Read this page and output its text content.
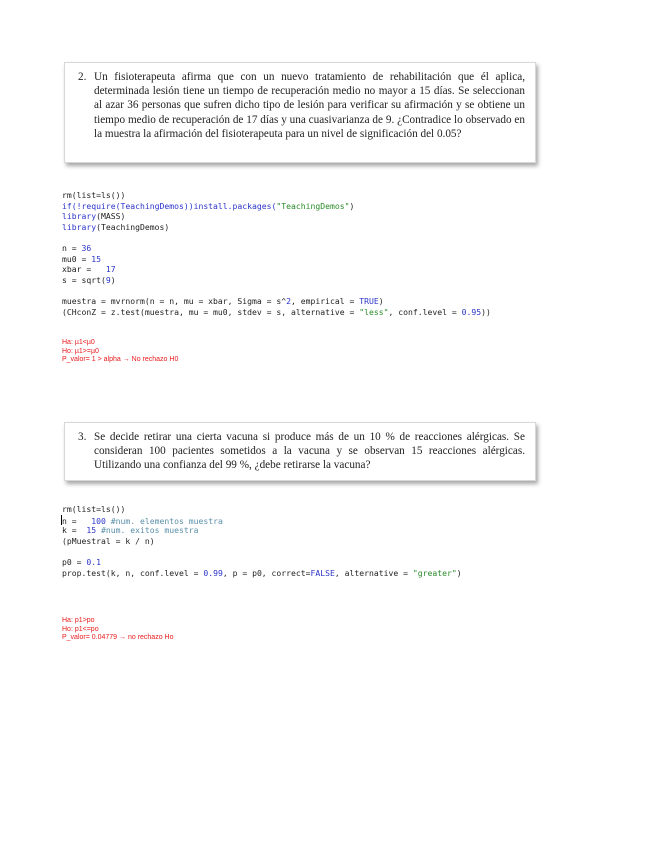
2. Un fisioterapeuta afirma que con un nuevo tratamiento de rehabilitación que él aplica, determinada lesión tiene un tiempo de recuperación medio no mayor a 15 días. Se seleccionan al azar 36 personas que sufren dicho tipo de lesión para verificar su afirmación y se obtiene un tiempo medio de recuperación de 17 días y una cuasivarianza de 9. ¿Contradice lo observado en la muestra la afirmación del fisioterapeuta para un nivel de significación del 0.05?
rm(list=ls())
if(!require(TeachingDemos))install.packages("TeachingDemos")
library(MASS)
library(TeachingDemos)

n = 36
mu0 = 15
xbar =   17
s = sqrt(9)

muestra = mvrnorm(n = n, mu = xbar, Sigma = s^2, empirical = TRUE)
(CHconZ = z.test(muestra, mu = mu0, stdev = s, alternative = "less", conf.level = 0.95))
Ha: µ1<µ0
Ho: µ1>=µ0
P_valor= 1 > alpha → No rechazo H0
3. Se decide retirar una cierta vacuna si produce más de un 10 % de reacciones alérgicas. Se consideran 100 pacientes sometidos a la vacuna y se observan 15 reacciones alérgicas. Utilizando una confianza del 99 %, ¿debe retirarse la vacuna?
rm(list=ls())
n =   100 #num. elementos muestra
k =  15 #num. exitos muestra
(pMuestral = k / n)

p0 = 0.1
prop.test(k, n, conf.level = 0.99, p = p0, correct=FALSE, alternative = "greater")
Ha: p1>po
Ho: p1<=po
P_valor= 0.04779 → no rechazo Ho
